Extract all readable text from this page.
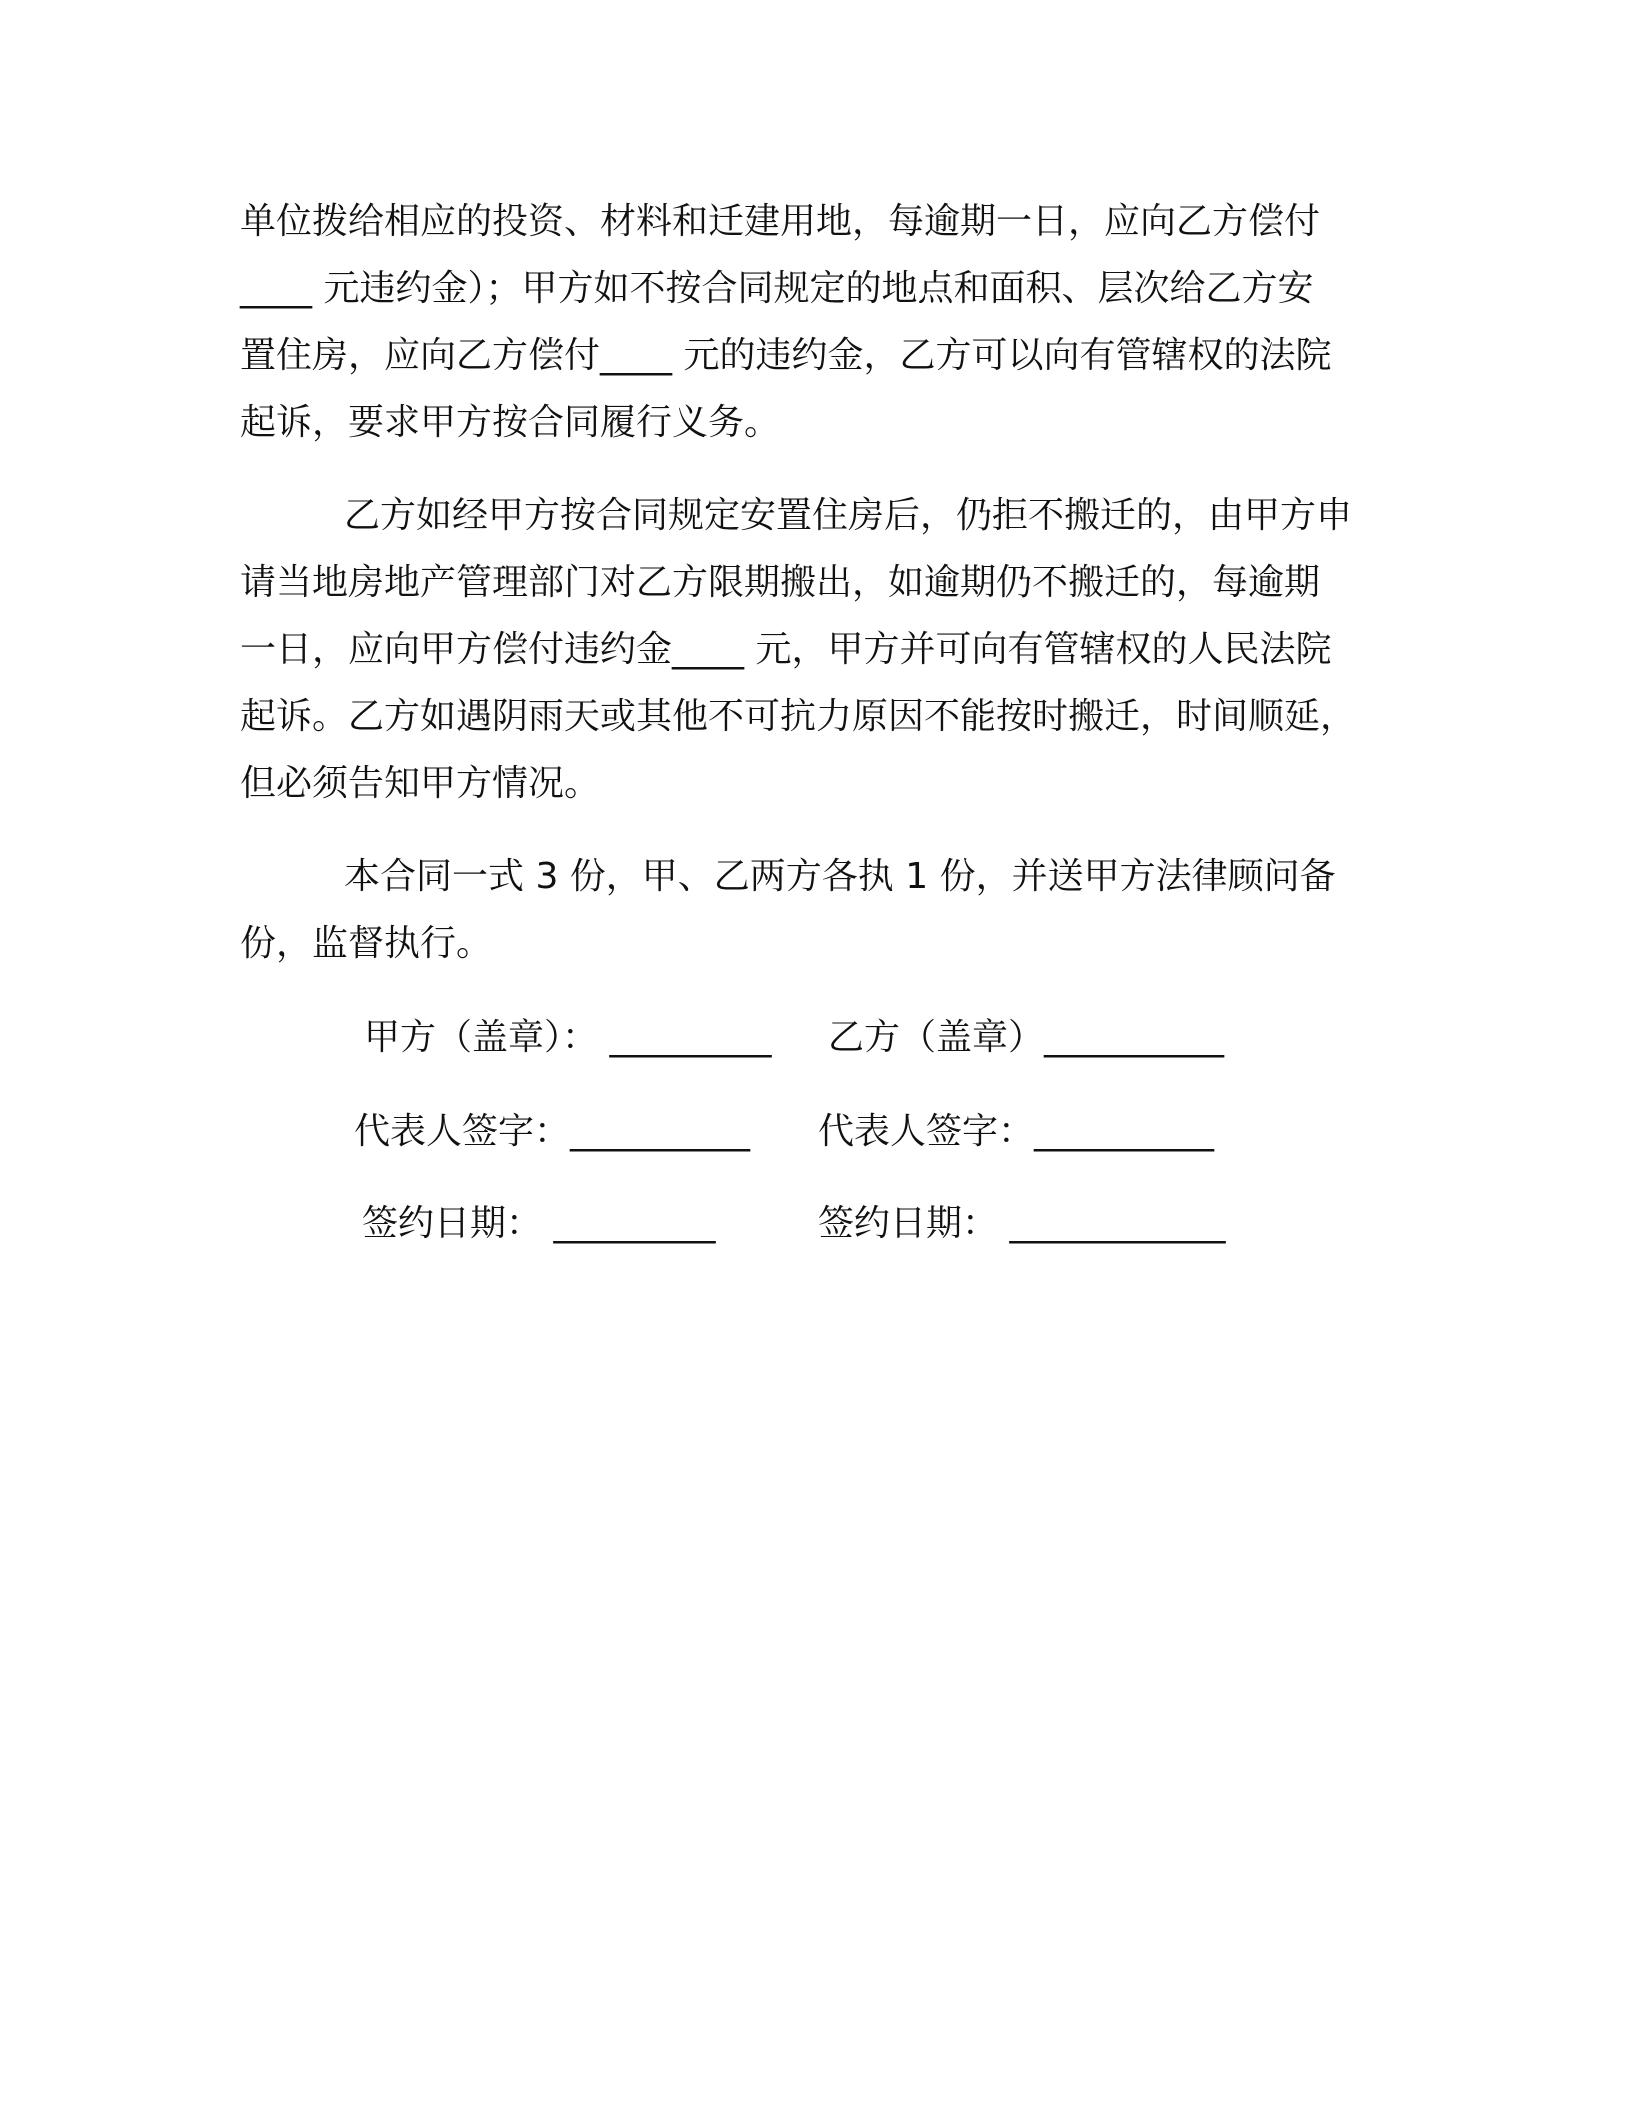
单位拨给相应的投资、材料和迁建用地，每逾期一日，应向乙方偿付
____ 元违约金）；甲方如不按合同规定的地点和面积、层次给乙方安
置住房，应向乙方偿付____ 元的违约金，乙方可以向有管辖权的法院
起诉，要求甲方按合同履行义务。

乙方如经甲方按合同规定安置住房后，仍拒不搬迁的，由甲方申
请当地房地产管理部门对乙方限期搬出，如逾期仍不搬迁的，每逾期
一日，应向甲方偿付违约金____ 元，甲方并可向有管辖权的人民法院
起诉。乙方如遇阴雨天或其他不可抗力原因不能按时搬迁，时间顺延，
但必须告知甲方情况。

本合同一式 3 份，甲、乙两方各执 1 份，并送甲方法律顾问备
份，监督执行。

甲方（盖章）： _________ 乙方（盖章）__________
代表人签字：__________ 代表人签字：__________
签约日期： _________	签约日期： ____________
